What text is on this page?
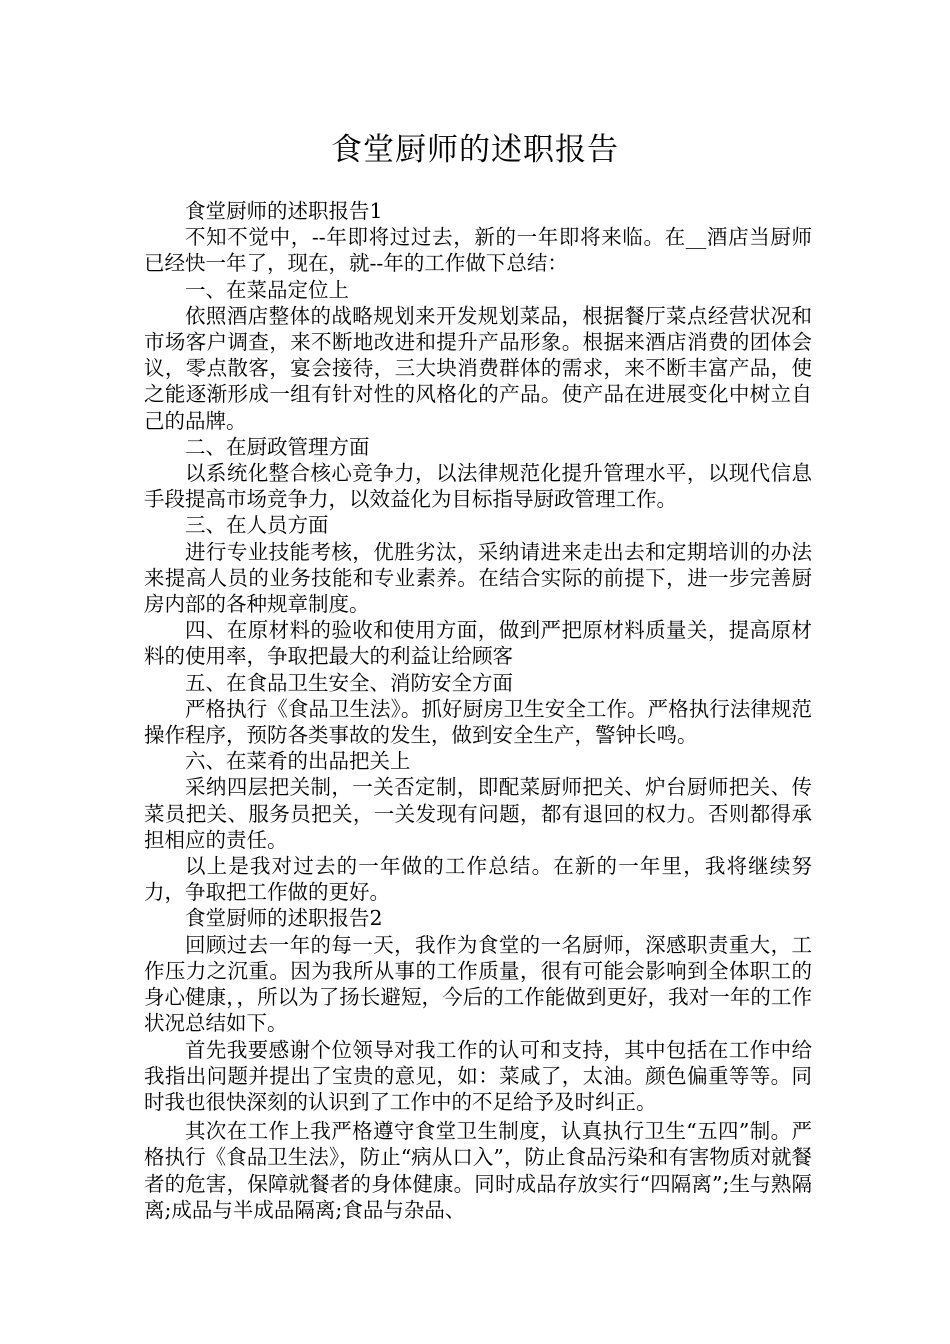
食堂厨师的述职报告

食堂厨师的述职报告1

不知不觉中，--年即将过过去，新的一年即将来临。在__酒店当厨师已经快一年了，现在，就--年的工作做下总结：

一、在菜品定位上

依照酒店整体的战略规划来开发规划菜品，根据餐厅菜点经营状况和市场客户调查，来不断地改进和提升产品形象。根据来酒店消费的团体会议，零点散客，宴会接待，三大块消费群体的需求，来不断丰富产品，使之能逐渐形成一组有针对性的风格化的产品。使产品在进展变化中树立自己的品牌。

二、在厨政管理方面

以系统化整合核心竞争力，以法律规范化提升管理水平，以现代信息手段提高市场竞争力，以效益化为目标指导厨政管理工作。

三、在人员方面

进行专业技能考核，优胜劣汰，采纳请进来走出去和定期培训的办法来提高人员的业务技能和专业素养。在结合实际的前提下，进一步完善厨房内部的各种规章制度。

四、在原材料的验收和使用方面，做到严把原材料质量关，提高原材料的使用率，争取把最大的利益让给顾客

五、在食品卫生安全、消防安全方面

严格执行《食品卫生法》。抓好厨房卫生安全工作。严格执行法律规范操作程序，预防各类事故的发生，做到安全生产，警钟长鸣。

六、在菜肴的出品把关上

采纳四层把关制，一关否定制，即配菜厨师把关、炉台厨师把关、传菜员把关、服务员把关，一关发现有问题，都有退回的权力。否则都得承担相应的责任。

以上是我对过去的一年做的工作总结。在新的一年里，我将继续努力，争取把工作做的更好。

食堂厨师的述职报告2

回顾过去一年的每一天，我作为食堂的一名厨师，深感职责重大，工作压力之沉重。因为我所从事的工作质量，很有可能会影响到全体职工的身心健康，，所以为了扬长避短，今后的工作能做到更好，我对一年的工作状况总结如下。

首先我要感谢个位领导对我工作的认可和支持，其中包括在工作中给我指出问题并提出了宝贵的意见，如：菜咸了，太油。颜色偏重等等。同时我也很快深刻的认识到了工作中的不足给予及时纠正。

其次在工作上我严格遵守食堂卫生制度，认真执行卫生“五四”制。严格执行《食品卫生法》，防止“病从口入”，防止食品污染和有害物质对就餐者的危害，保障就餐者的身体健康。同时成品存放实行“四隔离”;生与熟隔离;成品与半成品隔离;食品与杂品、
